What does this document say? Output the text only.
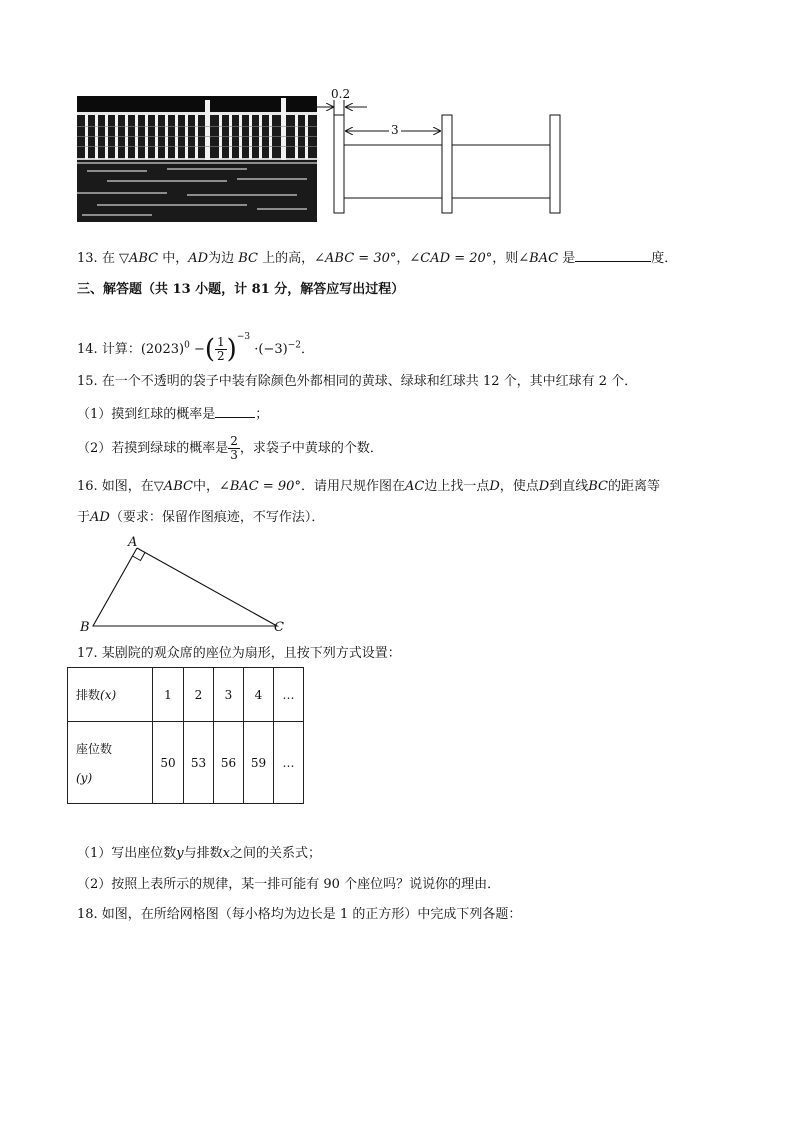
0.2
3
13. 在 ▽ABC 中，AD为边 BC 上的高，∠ABC = 30°，∠CAD = 20°，则∠BAC 是	度．
三、解答题（共 13 小题，计 81 分，解答应写出过程）
14. 计算：$(2023)^0$ −( $\frac{1}{2} )^{-3} \cdot(-3)^{-2}$．
15. 在一个不透明的袋子中装有除颜色外都相同的黄球、绿球和红球共 12 个，其中红球有 2 个．
（1）摸到红球的概率是	；
（2）若摸到绿球的概率是 $\frac{2}{3}$ ，求袋子中黄球的个数．
16. 如图，在▽ABC中，∠BAC = 90°．请用尺规作图在AC边上找一点D，使点D到直线BC的距离等
于AD（要求：保留作图痕迹，不写作法）．
A
B	C
17. 某剧院的观众席的座位为扇形，且按下列方式设置：
排数(x)	1	2	3	4	…
座位数

(y)	50	53	56	59	…
（1）写出座位数y与排数x之间的关系式；
（2）按照上表所示的规律，某一排可能有 90 个座位吗？说说你的理由．
18. 如图，在所给网格图（每小格均为边长是 1 的正方形）中完成下列各题：
